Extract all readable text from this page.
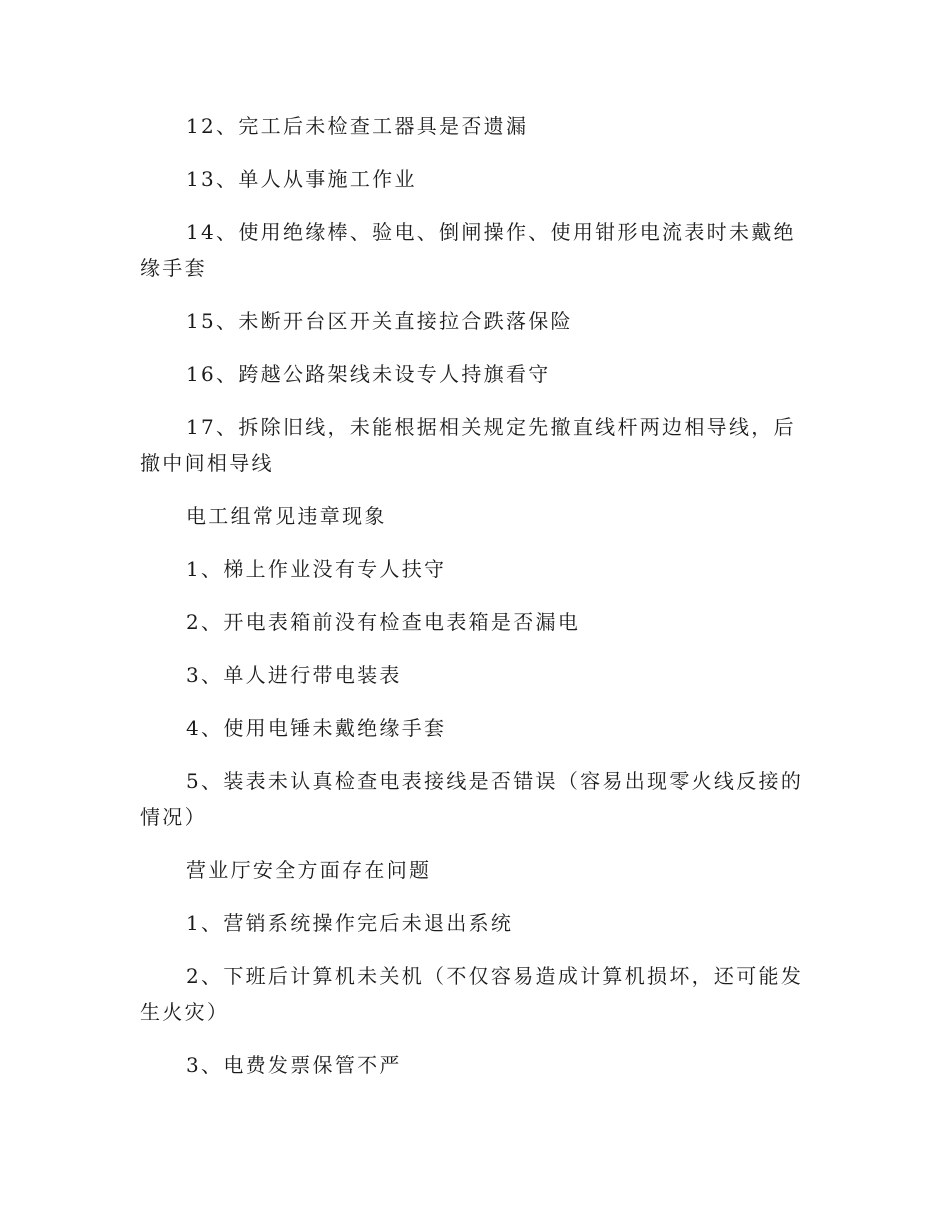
12、完工后未检查工器具是否遗漏

13、单人从事施工作业

14、使用绝缘棒、验电、倒闸操作、使用钳形电流表时未戴绝缘手套

15、未断开台区开关直接拉合跌落保险

16、跨越公路架线未设专人持旗看守

17、拆除旧线，未能根据相关规定先撤直线杆两边相导线，后撤中间相导线

电工组常见违章现象

1、梯上作业没有专人扶守

2、开电表箱前没有检查电表箱是否漏电

3、单人进行带电装表

4、使用电锤未戴绝缘手套

5、装表未认真检查电表接线是否错误（容易出现零火线反接的情况）

营业厅安全方面存在问题

1、营销系统操作完后未退出系统

2、下班后计算机未关机（不仅容易造成计算机损坏，还可能发生火灾）

3、电费发票保管不严
